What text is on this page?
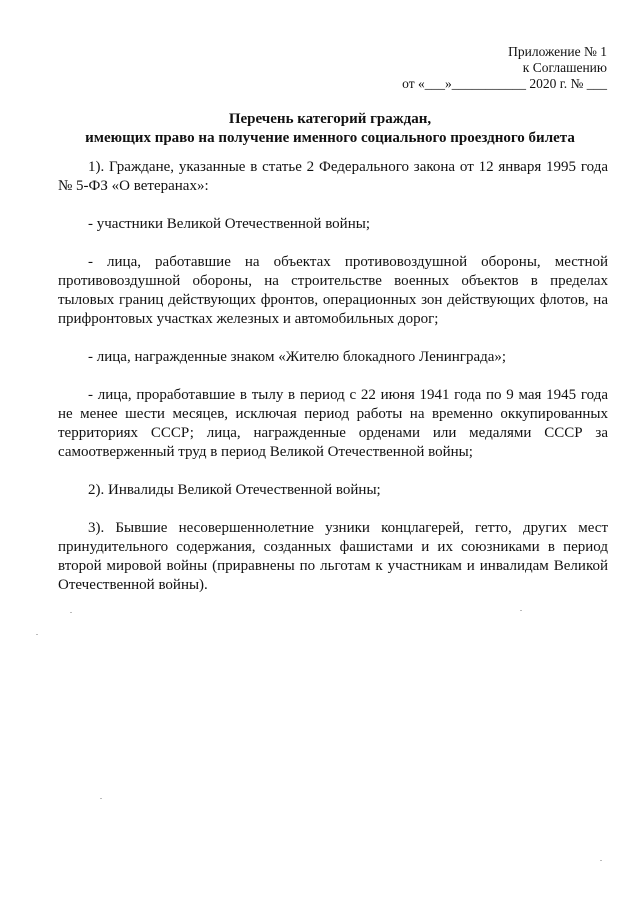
Приложение № 1
к Соглашению
от «___»___________ 2020 г. № ___
Перечень категорий граждан,
имеющих право на получение именного социального проездного билета

1). Граждане, указанные в статье 2 Федерального закона от 12 января 1995 года № 5-ФЗ «О ветеранах»:

- участники Великой Отечественной войны;

- лица, работавшие на объектах противовоздушной обороны, местной противовоздушной обороны, на строительстве военных объектов в пределах тыловых границ действующих фронтов, операционных зон действующих флотов, на прифронтовых участках железных и автомобильных дорог;

- лица, награжденные знаком «Жителю блокадного Ленинграда»;

- лица, проработавшие в тылу в период с 22 июня 1941 года по 9 мая 1945 года не менее шести месяцев, исключая период работы на временно оккупированных территориях СССР; лица, награжденные орденами или медалями СССР за самоотверженный труд в период Великой Отечественной войны;

2). Инвалиды Великой Отечественной войны;

3). Бывшие несовершеннолетние узники концлагерей, гетто, других мест принудительного содержания, созданных фашистами и их союзниками в период второй мировой войны (приравнены по льготам к участникам и инвалидам Великой Отечественной войны).
